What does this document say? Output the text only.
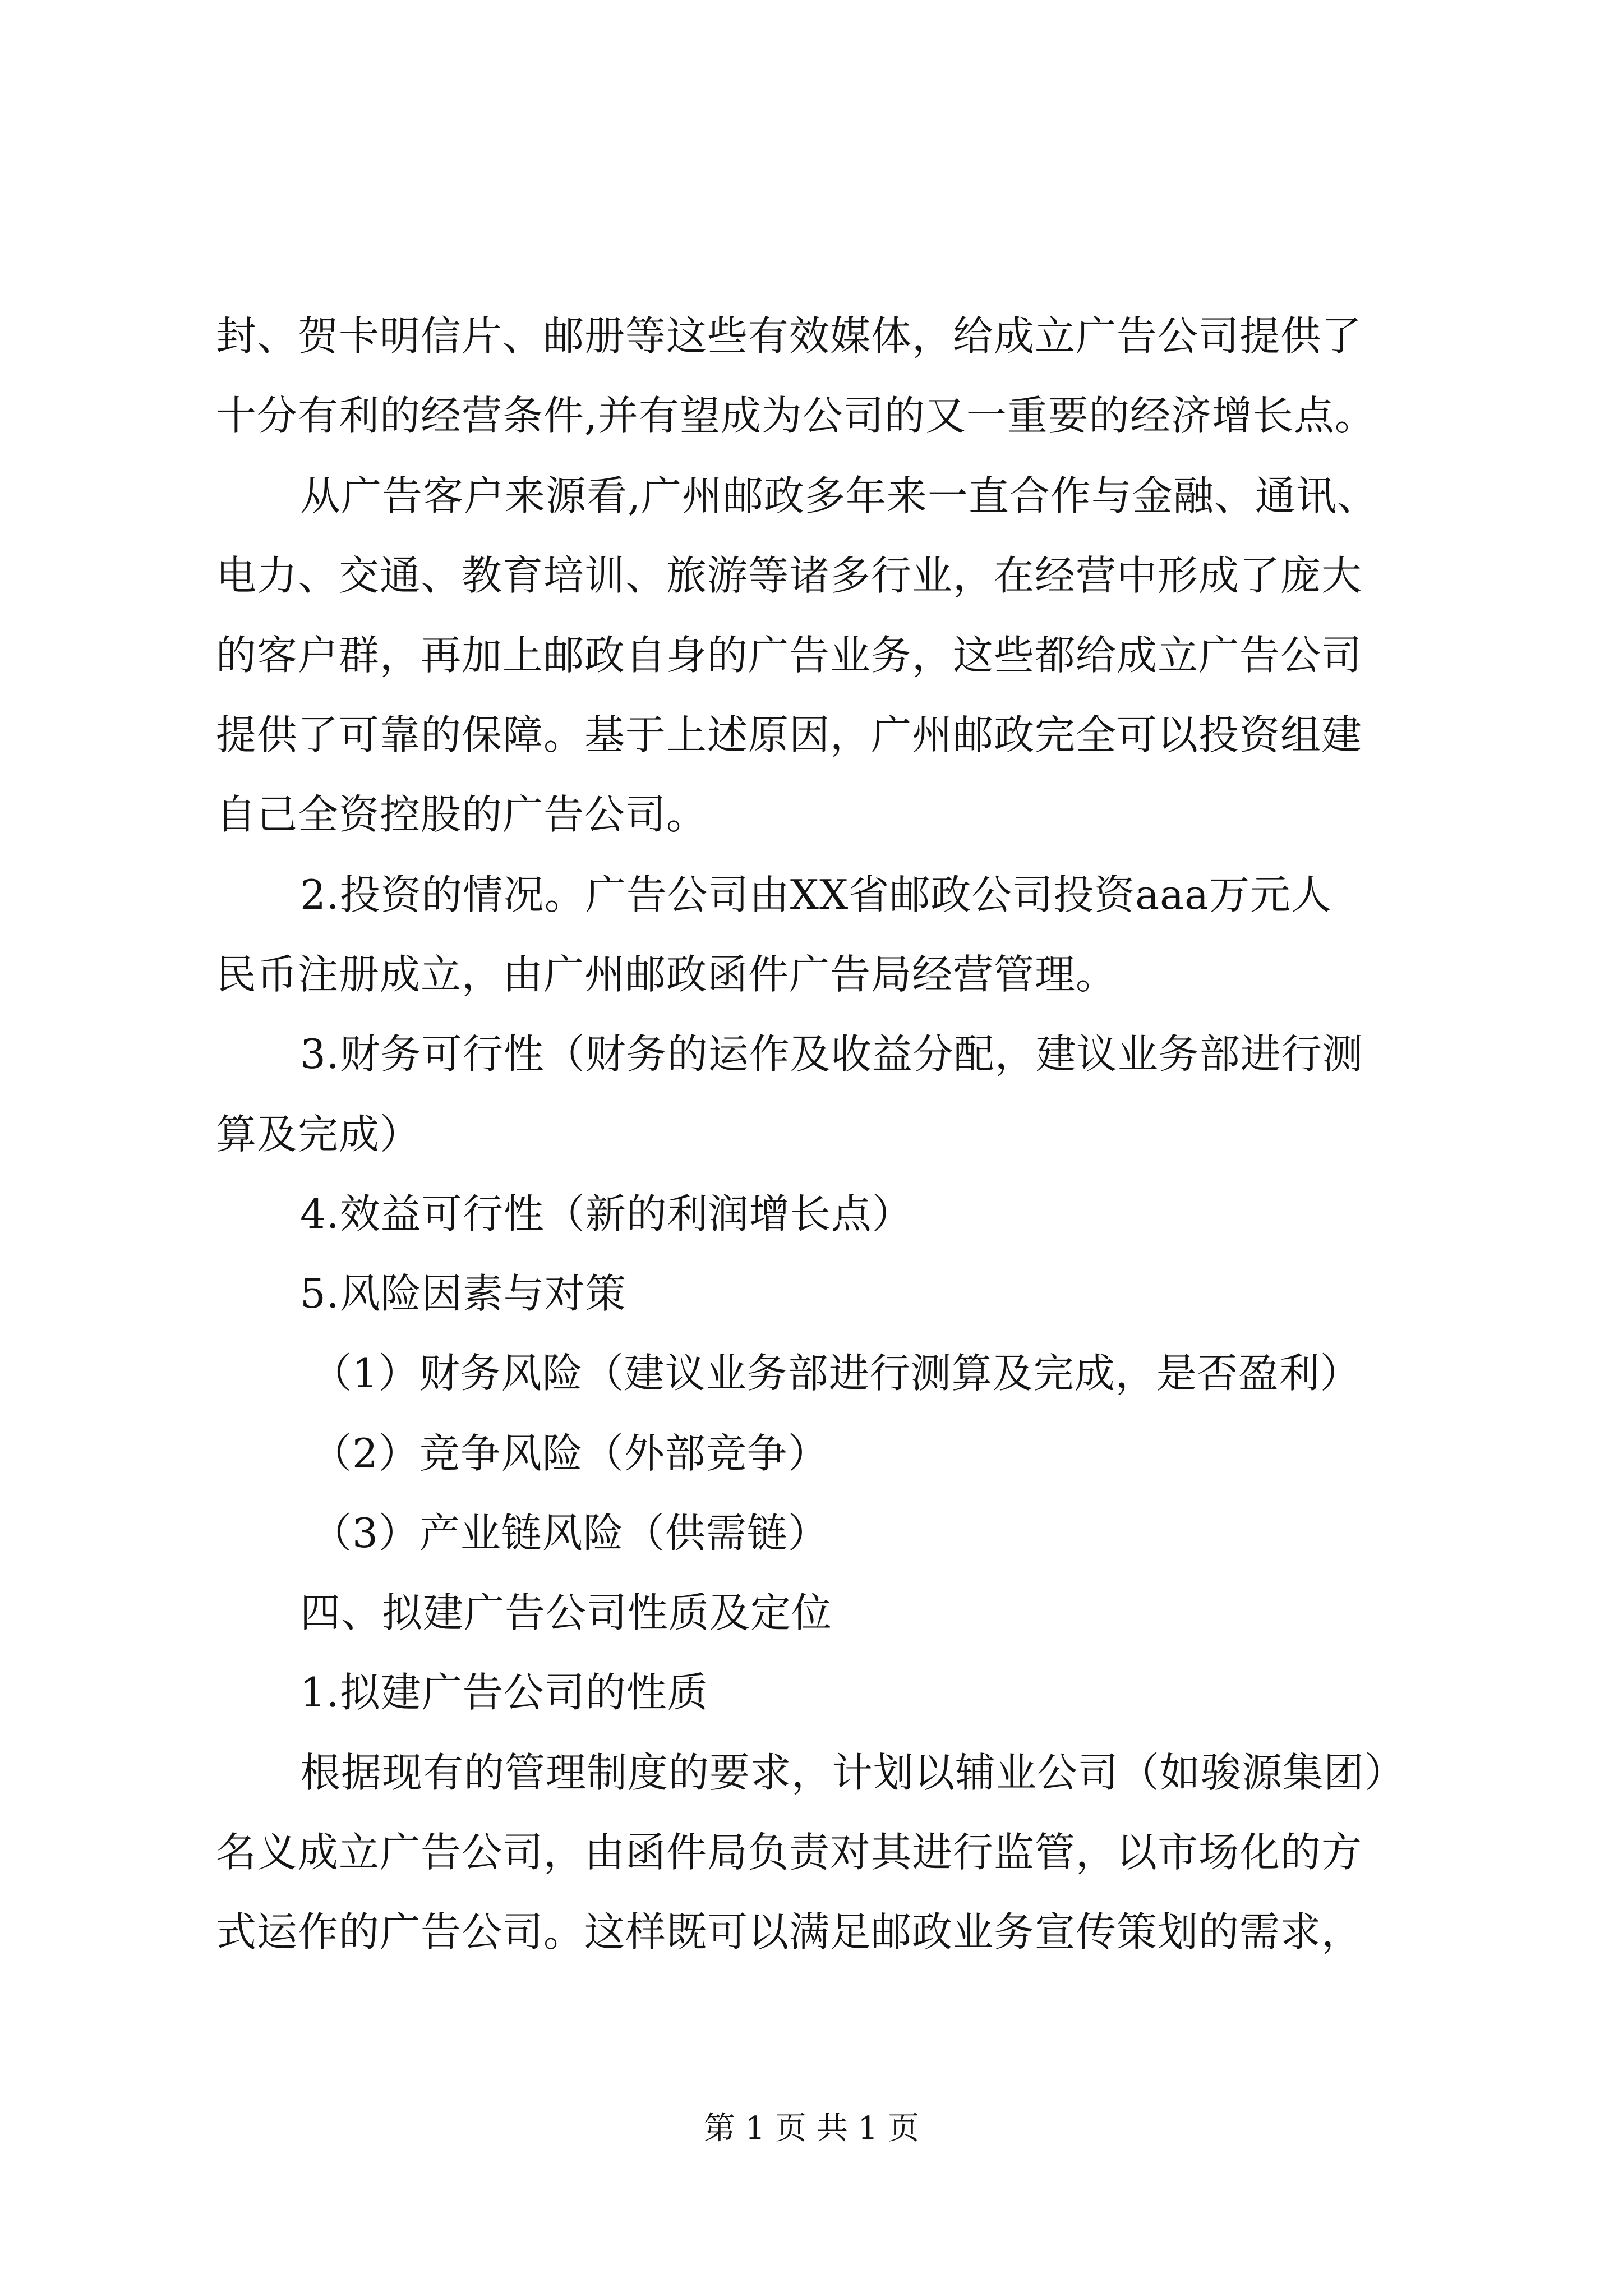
封、贺卡明信片、邮册等这些有效媒体，给成立广告公司提供了
十分有利的经营条件,并有望成为公司的又一重要的经济增长点。
从广告客户来源看,广州邮政多年来一直合作与金融、通讯、
电力、交通、教育培训、旅游等诸多行业，在经营中形成了庞大
的客户群，再加上邮政自身的广告业务，这些都给成立广告公司
提供了可靠的保障。基于上述原因，广州邮政完全可以投资组建
自己全资控股的广告公司。
2.投资的情况。广告公司由XX省邮政公司投资aaa万元人
民币注册成立，由广州邮政函件广告局经营管理。
3.财务可行性（财务的运作及收益分配，建议业务部进行测
算及完成）
4.效益可行性（新的利润增长点）
5.风险因素与对策
（1）财务风险（建议业务部进行测算及完成，是否盈利）
（2）竞争风险（外部竞争）
（3）产业链风险（供需链）
四、拟建广告公司性质及定位
1.拟建广告公司的性质
根据现有的管理制度的要求，计划以辅业公司（如骏源集团）
名义成立广告公司，由函件局负责对其进行监管，以市场化的方
式运作的广告公司。这样既可以满足邮政业务宣传策划的需求，
第 1 页 共 1 页
